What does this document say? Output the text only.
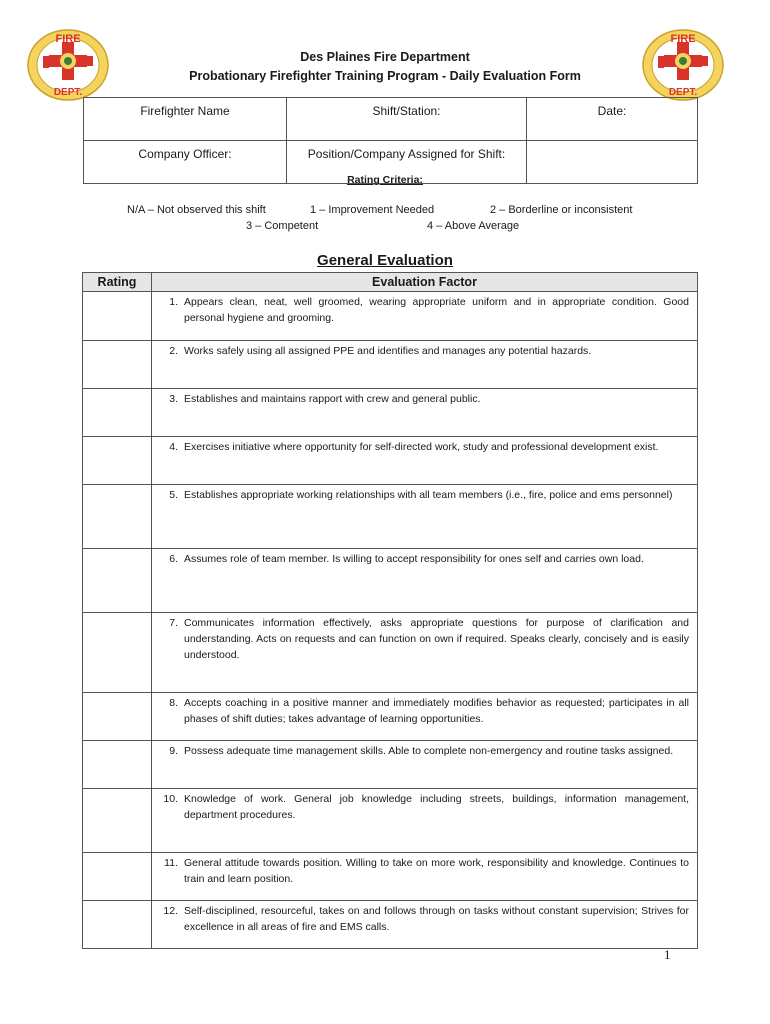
FIRE
DEPT.
FIRE
DEPT.
Des Plaines Fire Department
Probationary Firefighter Training Program - Daily Evaluation Form
Firefighter Name	Shift/Station:	Date:
Company Officer:	Position/Company Assigned for Shift:	
Rating Criteria:
N/A – Not observed this shift	1 – Improvement Needed	2 – Borderline or inconsistent
3 – Competent	4 – Above Average
General Evaluation
Rating	Evaluation Factor

	1. Appears clean, neat, well groomed, wearing appropriate uniform and in appropriate condition. Good personal hygiene and grooming.

	2. Works safely using all assigned PPE and identifies and manages any potential hazards.

	3. Establishes and maintains rapport with crew and general public.

	4. Exercises initiative where opportunity for self-directed work, study and professional development exist.

	5. Establishes appropriate working relationships with all team members (i.e., fire, police and ems personnel)

	6. Assumes role of team member. Is willing to accept responsibility for ones self and carries own load.

	7. Communicates information effectively, asks appropriate questions for purpose of clarification and understanding. Acts on requests and can function on own if required. Speaks clearly, concisely and is easily understood.

	8. Accepts coaching in a positive manner and immediately modifies behavior as requested; participates in all phases of shift duties; takes advantage of learning opportunities.

	9. Possess adequate time management skills. Able to complete non-emergency and routine tasks assigned.

	10. Knowledge of work. General job knowledge including streets, buildings, information management, department procedures.

	11. General attitude towards position. Willing to take on more work, responsibility and knowledge. Continues to train and learn position.

	12. Self-disciplined, resourceful, takes on and follows through on tasks without constant supervision; Strives for excellence in all areas of fire and EMS calls.
1
